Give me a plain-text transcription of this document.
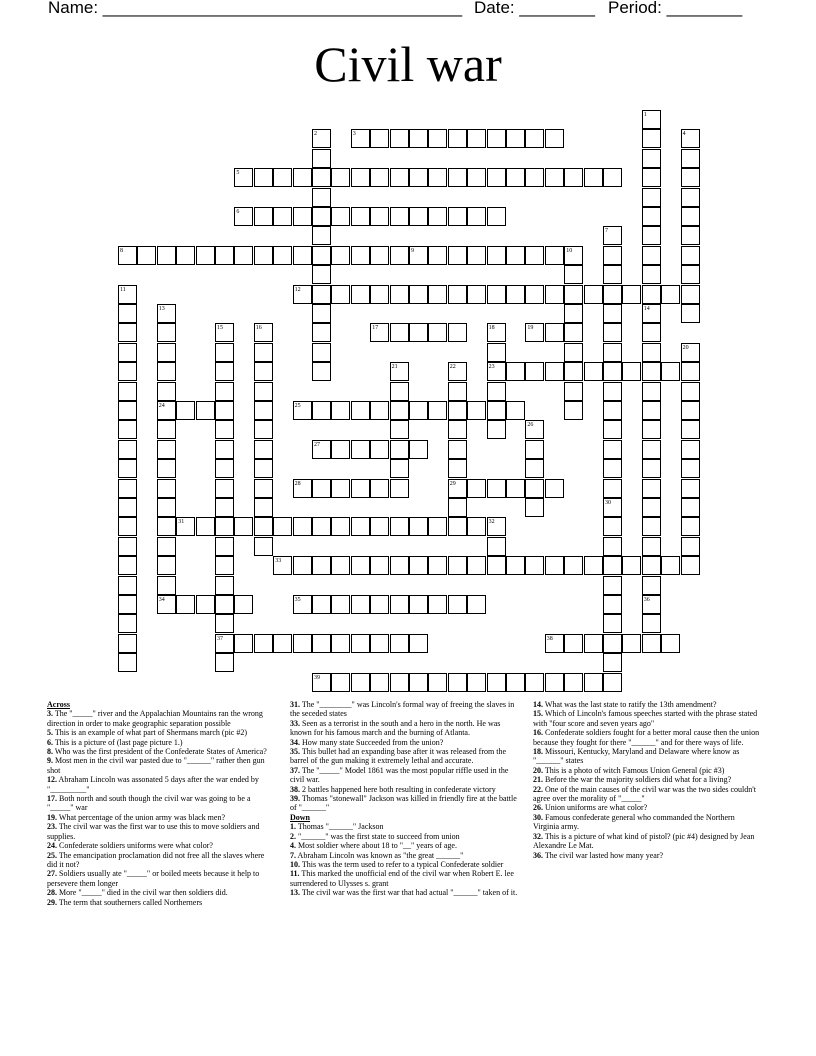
Name: ______________________________________ Date: ________ Period: ________
Civil war
1
2	3	4
5
6
7
30
8	9	10
11	12
13
24
14
36
15
37
16	17	18
23
19
20
21	22
29
25
26
27
28
31	32
33
34	35
38
39
Across
3. The "_____" river and the Appalachian Mountains ran the wrong direction in order to make geographic separation possible
5. This is an example of what part of Shermans march (pic #2)
6. This is a picture of (last page picture 1.)
8. Who was the first president of the Confederate States of America?
9. Most men in the civil war pasted due to "______" rather then gun shot
12. Abraham Lincoln was assonated 5 days after the war ended by "_________"
17. Both north and south though the civil war was going to be a "_____" war
19. What percentage of the union army was black men?
23. The civil war was the first war to use this to move soldiers and supplies.
24. Confederate soldiers uniforms were what color?
25. The emancipation proclamation did not free all the slaves where did it not?
27. Soldiers usually ate "_____" or boiled meets because it help to persevere them longer
28. More "_____" died in the civil war then soldiers did.
29. The term that southerners called Northerners
31. The "________" was Lincoln's formal way of freeing the slaves in the seceded states
33. Seen as a terrorist in the south and a hero in the north. He was known for his famous march and the burning of Atlanta.
34. How many state Succeeded from the union?
35. This bullet had an expanding base after it was released from the barrel of the gun making it extremely lethal and accurate.
37. The "_____" Model 1861 was the most popular riffle used in the civil war.
38. 2 battles happened here both resulting in confederate victory
39. Thomas "stonewall" Jackson was killed in friendly fire at the battle of "______"
Down
1. Thomas "______" Jackson
2. "______" was the first state to succeed from union
4. Most soldier where about 18 to "__" years of age.
7. Abraham Lincoln was known as "the great ______"
10. This was the term used to refer to a typical Confederate soldier
11. This marked the unofficial end of the civil war when Robert E. lee surrendered to Ulysses s. grant
13. The civil war was the first war that had actual "______" taken of it.
14. What was the last state to ratify the 13th amendment?
15. Which of Lincoln's famous speeches started with the phrase stated with "four score and seven years ago"
16. Confederate soldiers fought for a better moral cause then the union because they fought for there "______" and for there ways of life.
18. Missouri, Kentucky, Maryland and Delaware where know as "______" states
20. This is a photo of witch Famous Union General (pic #3)
21. Before the war the majority soldiers did what for a living?
22. One of the main causes of the civil war was the two sides couldn't agree over the morality of "_____"
26. Union uniforms are what color?
30. Famous confederate general who commanded the Northern Virginia army.
32. This is a picture of what kind of pistol? (pic #4) designed by Jean Alexandre Le Mat.
36. The civil war lasted how many year?
